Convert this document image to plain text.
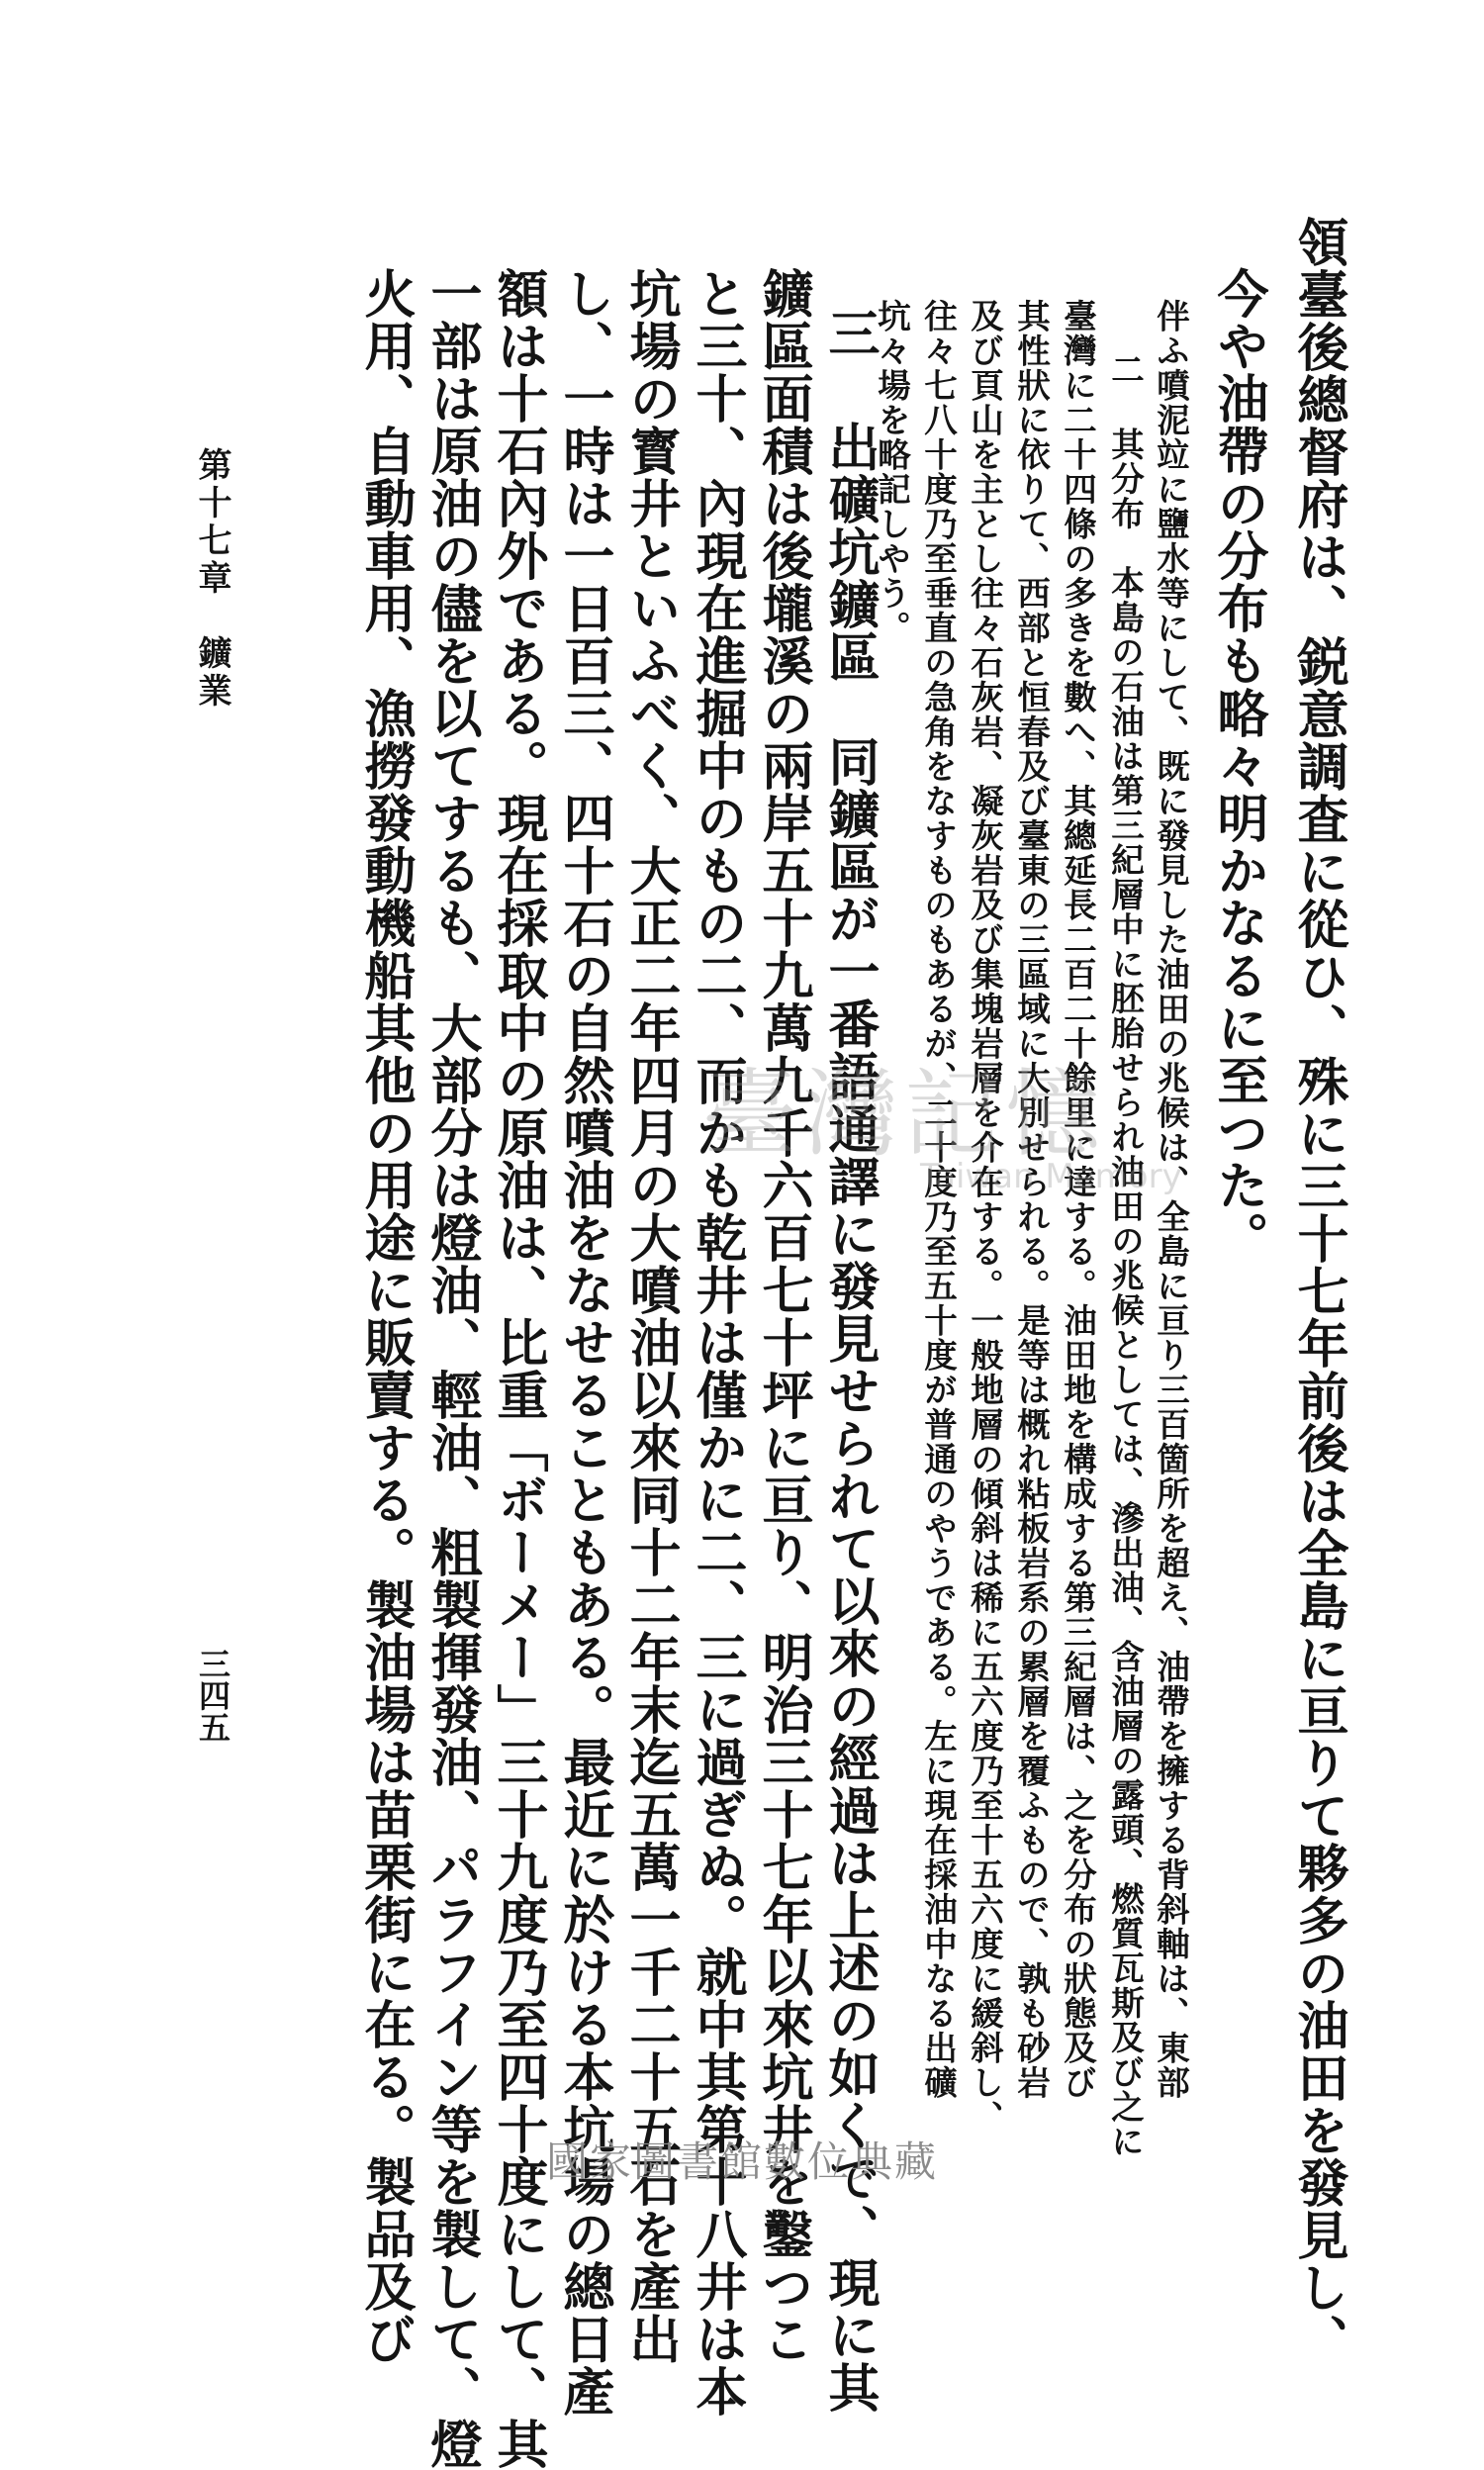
領臺後總督府は、鋭意調査に從ひ、殊に三十七年前後は全島に亘りて夥多の油田を發見し、
今や油帶の分布も略々明かなるに至つた。
伴ふ噴泥竝に鹽水等にして、既に發見した油田の兆候は、全島に亘り三百箇所を超え、油帶を擁する背斜軸は、東部
二 其分布　本島の石油は第三紀層中に胚胎せられ油田の兆候としては、滲出油、含油層の露頭、燃質瓦斯及び之に
臺灣に二十四條の多きを數へ、其總延長二百二十餘里に達する。油田地を構成する第三紀層は、之を分布の狀態及び
其性狀に依りて、西部と恒春及び臺東の三區域に大別せられる。是等は概れ粘板岩系の累層を覆ふもので、孰も砂岩
及び頁山を主とし往々石灰岩、凝灰岩及び集塊岩層を介在する。一般地層の傾斜は稀に五六度乃至十五六度に緩斜し、
往々七八十度乃至垂直の急角をなすものもあるが、二十度乃至五十度が普通のやうである。左に現在採油中なる出礦
坑々場を略記しやう。
三 出礦坑鑛區　同鑛區が一番語通譯に發見せられて以來の經過は上述の如くで、現に其
鑛區面積は後壠溪の兩岸五十九萬九千六百七十坪に亘り、明治三十七年以來坑井を鑿つこ
と三十、內現在進掘中のもの二、而かも乾井は僅かに二、三に過ぎぬ。就中其第十八井は本
坑場の寳井といふべく、大正二年四月の大噴油以來同十二年末迄五萬一千二十五石を產出
し、一時は一日百三、四十石の自然噴油をなせることもある。最近に於ける本坑場の總日產
額は十石內外である。現在採取中の原油は、比重「ボーメー」三十九度乃至四十度にして、其
一部は原油の儘を以てするも、大部分は燈油、輕油、粗製揮發油、パラフイン等を製して、燈
火用、自動車用、漁撈發動機船其他の用途に販賣する。製油場は苗栗街に在る。製品及び
第十七章　鑛業
三四五
臺灣記憶
Taiwan Memory
國家圖書館數位典藏
